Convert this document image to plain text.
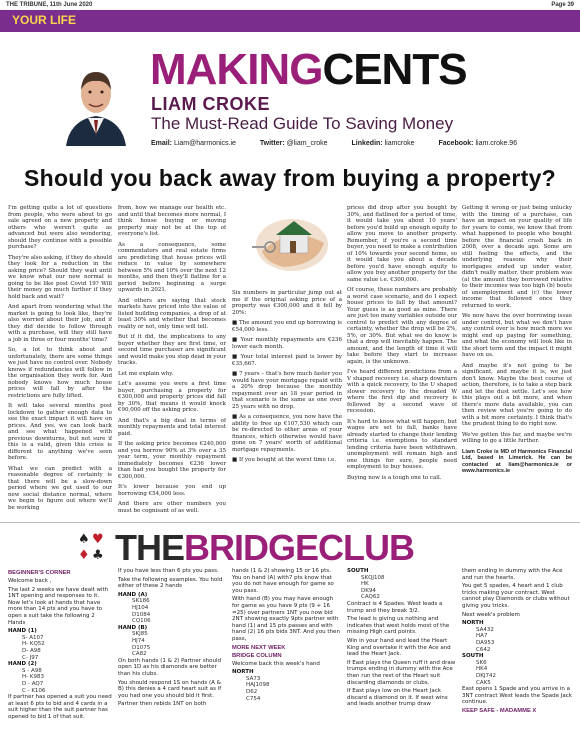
THE TRIBUNE, 11th June 2020	Page 39
YOUR LIFE
MAKINGCENTS
LIAM CROKE
The Must-Read Guide To Saving Money
Email: Liam@harmonics.ie	Twitter: @liam_croke	Linkedin: liamcroke	Facebook: liam.croke.96
Should you back away from buying a property?

I'm getting quite a lot of questions from people, who were about to go sale agreed on a new property and others who weren't quite as advanced but were also wondering, should they continue with a possible purchase?

They're also asking, if they do should they look for a reduction in the asking price? Should they wait until we know what our new normal is going to be like post Covid 19? Will their money go much further if they hold back and wait?

And apart from wondering what the market is going to look like, they're also worried about their job, and if they did decide to follow through with a purchase, will they still have a job in three or four months' time?

So, a lot to think about and unfortunately, there are some things we just have no control over. Nobody knows if redundancies will follow in the organisation they work for. And nobody knows how much house prices will fall by after the restrictions are fully lifted.

It will take several months post lockdown to gather enough data to see the exact impact it will have on prices. And yes, we can look back and see what happened with previous downturns, but not sure if this is a valid, given this crisis is different to anything we've seen before.

What we can predict with a reasonable degree of certainty is that there will be a slow-down period where we get used to our new social distance normal, where we begin to figure out where we'll be working

from, how we manage our health etc. and until that becomes more normal, I think house buying or moving property may not be at the top of everyone's list.

As a consequence, some commentators and real estate firms are predicting that house prices will reduce in value by somewhere between 5% and 10% over the next 12 months, and then they'll flatline for a period before beginning a surge upwards in 2021.

And others are saying that stock markets have priced into the value of listed building companies, a drop of at least 30% and whether that becomes reality or not, only time will tell.

But if it did, the implications to any buyer whether they are first time, or second time purchaser are significant and would make you stop dead in your tracks.

Let me explain why.

Let's assume you were a first time buyer, purchasing a property for €300,000 and property prices did fall by 30%, that means it would knock €90,000 off the asking price.

And that's a big deal in terms of monthly repayments and total interest paid.

If the asking price becomes €240,000 and you borrow 90% at 3% over a 35 year term, your monthly repayment immediately becomes €236 lower than had you bought the property for €300,000.

It's lower because you end up borrowing €54,000 less.

And there are other numbers you must be cognisant of as well.

Six numbers in particular jump out at me if the original asking price of a property was €300,000 and it fell by 20%:

■ The amount you end up borrowing is €54,000 less.

■ Your monthly repayments are €236 lower each month.

■ Your total interest paid is lower by €35,667.

■ 7 years – that's how much faster you would have your mortgage repaid with a 20% drop because the monthly repayment over an 18 year period in that scenario is the same as one over 25 years with no drop.

■ As a consequence, you now have the ability to free up €107,530 which can be re-directed to other areas of your finances, which otherwise would have gone on 7 years' worth of additional mortgage repayments.

■ If you bought at the worst time i.e.

prices did drop after you bought by 30%, and flatlined for a period of time, it would take you about 10 years' before you'd build up enough equity to allow you move to another property. Remember, if you're a second time buyer, you need to make a contribution of 10% towards your second home, so it would take you about a decade before you'd have enough equity to allow you buy another property for the same value i.e. €300,000.

Of course, these numbers are probably a worst case scenario, and do I expect house prices to fall by that amount? Your guess is as good as mine. There are just too many variables outside our control to predict with any degree of certainty, whether the drop will be 2%, 5%, or 30%. But what we do know is that a drop will inevitably happen. The amount, and the length of time it will take before they start to increase again, is the unknown.

I've heard different predictions from a V shaped recovery i.e. sharp downturn with a quick recovery, to the U shaped slower recovery to the dreaded W where the first dip and recovery is followed by a second wave of recession.

It's hard to know what will happen, but wages are set to fall, banks have already started to change their lending criteria i.e. exemptions to standard lending criteria have been withdrawn, unemployment will remain high and one things for sure, people need employment to buy houses.

Buying now is a tough one to call.

Getting it wrong or just being unlucky with the timing of a purchase, can have an impact on your quality of life for years to come, we know that from what happened to people who bought before the financial crash back in 2008, over a decade ago. Some are still feeling the effects, and the underlying reasons why their mortgages ended up under water, didn't really matter, their problem was (a) the amount they borrowed relative to their incomes was too high (b) bouts of unemployment and (c) the lower income that followed once they returned to work.

We now have the over borrowing issue under control, but what we don't have any control over is how much more we might end up paying for something, and what the economy will look like in the short term and the impact it might have on us.

And maybe it's not going to be significant, and maybe it is, we just don't know. Maybe the best course of action, therefore, is to take a step back and let the dust settle. Let's see how this plays out a bit more, and when there's more data available, you can then review what you're going to do with a bit more certainty. I think that's the prudent thing to do right now.

We've gotten this far, and maybe we're willing to go a little further.

Liam Croke is MD of Harmonics Financial Ltd, based in Limerick. He can be contacted at liam@harmonics.ie or www.harmonics.ie

♠ ♥
♦ ♣ THEBRIDGECLUB
BEGINNER'S CORNER
Welcome back ,
The last 2 weeks we have dealt with 1NT opening and responses to it. Now let's look at hands that have more than 14 pts and you have to open a suit take the following 2 Hands
HAND (1)
S- A107
H- KQ52
D- A98
C- J97
HAND (2)
S - A98
H- K983
D - AQ7
C - K106
If partner has opened a suit you need at least 6 pts to bid and 4 cards in a suit higher than the suit partner has opened to bid 1 of that suit.
If you have less than 6 pts you pass.
Take the following examples. You hold either of these 2 hands
HAND (A)
SK186
HJ104
D1084
CQ106
HAND (B)
SKJ85
HJ74
D1075
CA82
On both hands (1 & 2) Partner should open 1D as his diamonds are better than his clubs.
You should respond 1S on hands (A & B) this denies a 4 card heart suit as if you had one you should bid it first.
Partner then rebids 1NT on both
hands (1 & 2) showing 15 or 16 pts. You on hand (A) with7 pts know that you do not have enough for game so you pass.
With hand (B) you may have enough for game as you have 9 pts (9 + 16 =25) over partners 1NT you now bid 2NT showing exactly 9pts partner with hand (1) and 15 pts passes and with hand (2) 16 pts bids 3NT. And you then pass,
MORE NEXT WEEK
BRIDGE COLUMN
Welcome back this week's hand
NORTH
SA73
HAJ1098
D62
C754
SOUTH
SKQJ108
HK
DK94
CAQ62
Contract is 4 Spades. West leads a trump and they break 3/2.
The lead is giving us nothing and indicates that west holds most of the missing High card points.
Win in your hand and lead the Heart King and overtake it with the Ace and lead the Heart Jack.
If East plays the Queen ruff it and draw trumps ending in dummy with the Ace then run the rest of the Heart suit discarding diamonds or clubs.
If East plays low on the Heart Jack discard a diamond on it. If west wins and leads another trump draw
them ending in dummy with the Ace and run the hearts.
You get 5 spades, 4 heart and 1 club tricks making your contract. West cannot play Diamonds or clubs without giving you tricks.
Next week's problem
NORTH
SA432
HA7
DA953
C642
SOUTH
SK6
HK4
DKJ742
CAK5
East opens 1 Spade and you arrive in a 3NT contract West leads the Spade Jack continue.
KEEP SAFE - MADAMME X
